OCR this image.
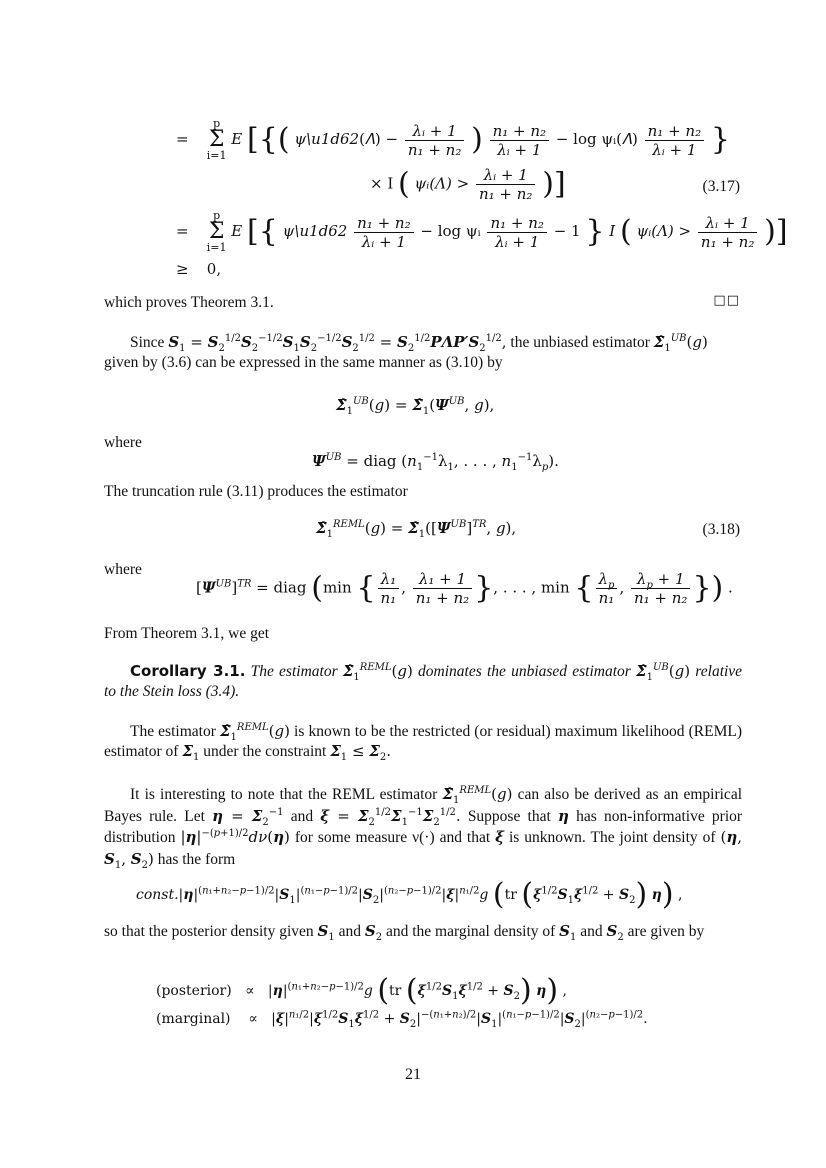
= p
Σ
i=1 E [{( ψ\u1d62(𝛬) − $\frac{\text{λᵢ + 1}}{\text{n₁ + n₂}}$ ) $\frac{\text{n₁ + n₂}}{\text{λᵢ + 1}} - \log$ ψᵢ(𝛬) $\frac{\text{n₁ + n₂}}{\text{λᵢ + 1}}$ }
× I ( ψᵢ(𝛬) > $\frac{\text{λᵢ + 1}}{\text{n₁ + n₂}}$ )]	(3.17)
= p
Σ
i=1 E [{ ψ\u1d62 $\frac{\text{n₁ + n₂}}{\text{λᵢ + 1}} - \log$ ψᵢ $\frac{\text{n₁ + n₂}}{\text{λᵢ + 1}} - 1$ } I ( ψᵢ(𝛬) > $\frac{\text{λᵢ + 1}}{\text{n₁ + n₂}}$ )]
≥ 0,
which proves Theorem 3.1.	□□
Since $S_1 = S_2^{1/2}S_2^{-1/2}S_1S_2^{-1/2}S_2^{1/2} = S_2^{1/2}P\Lambda P'S_2^{1/2}$, the unbiased estimator $\Sigmâ_1^{UB}(g)$
given by (3.6) can be expressed in the same manner as (3.10) by
$\Sigmâ_1^{UB}(g)$ = $\Sigmâ_1(\Psi^{UB}$, g),
where
$\Psi^{UB}$ = diag ($n_1^{-1}\lambda_1$, . . . , $n_1^{-1}\lambda_p$).
The truncation rule (3.11) produces the estimator
$\Sigmâ_1^{REML}(g)$ = $\Sigmâ_1([\Psi^{UB}]^{TR}$, g),	(3.18)
where
$[\Psi^{UB}]^{TR}$ = diag (min { $\frac{\text{λ₁}}{\text{n₁}}$ , $\frac{\text{λ₁ + 1}}{\text{n₁ + n₂}}$ }, . . . , min { $\frac{\lambda_p}{\text{n₁}}$ , $\frac{\lambda_p + 1}{\text{n₁ + n₂}}$ }) .
From Theorem 3.1, we get
Corollary 3.1. The estimator $\Sigmâ_1^{REML}(g)$ dominates the unbiased estimator $\Sigmâ_1^{UB}(g)$ relative to the Stein loss (3.4).
The estimator $\Sigmâ_1^{REML}(g)$ is known to be the restricted (or residual) maximum likelihood (REML) estimator of $\Sigma_1$ under the constraint $\Sigma_1 \le \Sigma_2$.
It is interesting to note that the REML estimator $\Sigmâ_1^{REML}(g)$ can also be derived as an empirical Bayes rule. Let $\eta = \Sigma_2^{-1}$ and $\xi = \Sigma_2^{1/2}\Sigma_1^{-1}\Sigma_2^{1/2}$. Suppose that η has non-informative prior distribution $|\eta|^{-(p+1)/2}d\nu(\eta)$ for some measure ν(·) and that ξ is unknown. The joint density of (η, $S_1$, $S_2$) has the form
$const.|\eta|^{(n_1+n_2-p-1)/2}|S_1|^{(n_1-p-1)/2}|S_2|^{(n_2-p-1)/2}|\xi|^{n_1/2}g$ (tr $(\xi^{1/2}S_1\xi^{1/2} + S_2)$ η) ,
so that the posterior density given $S_1$ and $S_2$ and the marginal density of $S_1$ and $S_2$ are given by
(posterior) ∝   $|\eta|^{(n_1+n_2-p-1)/2}g$ (tr $(\xi^{1/2}S_1\xi^{1/2} + S_2)$ η) ,
(marginal) ∝   $|\xi|^{n_1/2}|\xi^{1/2}S_1\xi^{1/2} + S_2|^{-(n_1+n_2)/2}|S_1|^{(n_1-p-1)/2}|S_2|^{(n_2-p-1)/2}$.
21
